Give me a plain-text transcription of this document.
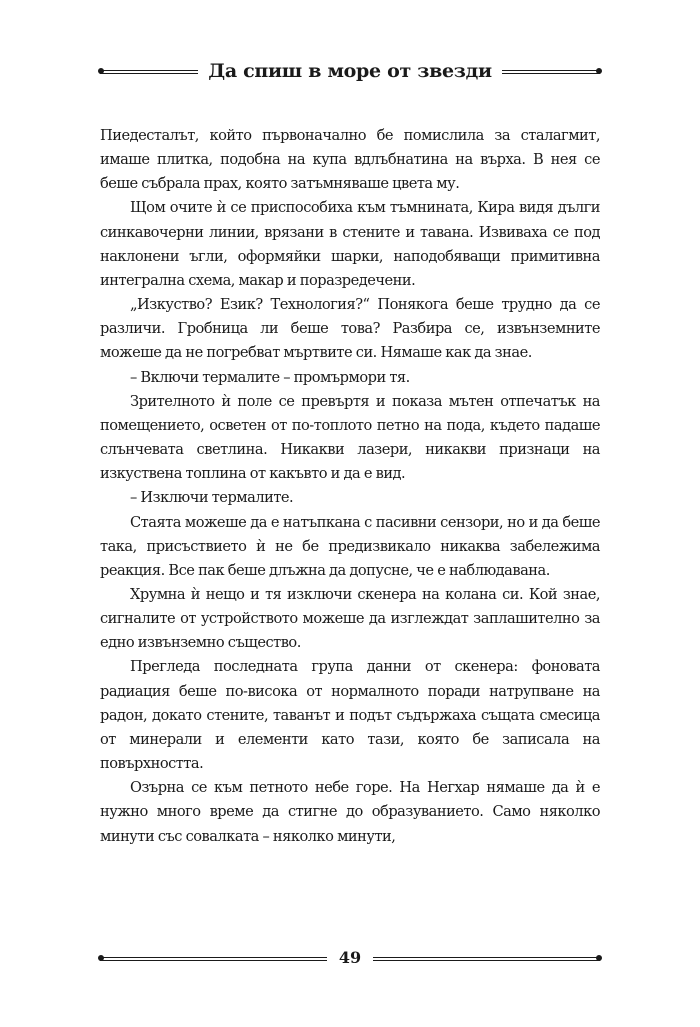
Да спиш в море от звезди

Пиедесталът, който първоначално бе помислила за сталагмит, имаше плитка, подобна на купа вдлъбнатина на върха. В нея се беше събрала прах, която затъмняваше цвета му.

Щом очите ѝ се приспособиха към тъмнината, Кира видя дълги синкавочерни линии, врязани в стените и тавана. Извиваха се под наклонени ъгли, оформяйки шарки, наподобяващи примитивна интегрална схема, макар и поразредечени.

„Изкуство? Език? Технология?“ Понякога беше трудно да се различи. Гробница ли беше това? Разбира се, извънземните можеше да не погребват мъртвите си. Нямаше как да знае.

– Включи термалите – промърмори тя.

Зрителното ѝ поле се превъртя и показа мътен отпечатък на помещението, осветен от по-топлото петно на пода, където падаше слънчевата светлина. Никакви лазери, никакви признаци на изкуствена топлина от какъвто и да е вид.

– Изключи термалите.

Стаята можеше да е натъпкана с пасивни сензори, но и да беше така, присъствието ѝ не бе предизвикало никаква забележима реакция. Все пак беше длъжна да допусне, че е наблюдавана.

Хрумна ѝ нещо и тя изключи скенера на колана си. Кой знае, сигналите от устройството можеше да изглеждат заплашително за едно извънземно същество.

Прегледа последната група данни от скенера: фоновата радиация беше по-висока от нормалното поради натрупване на радон, докато стените, таванът и подът съдържаха същата смесица от минерали и елементи като тази, която бе записала на повърхността.

Озърна се към петното небе горе. На Негхар нямаше да ѝ е нужно много време да стигне до образуванието. Само няколко минути със совалката – няколко минути,

49
